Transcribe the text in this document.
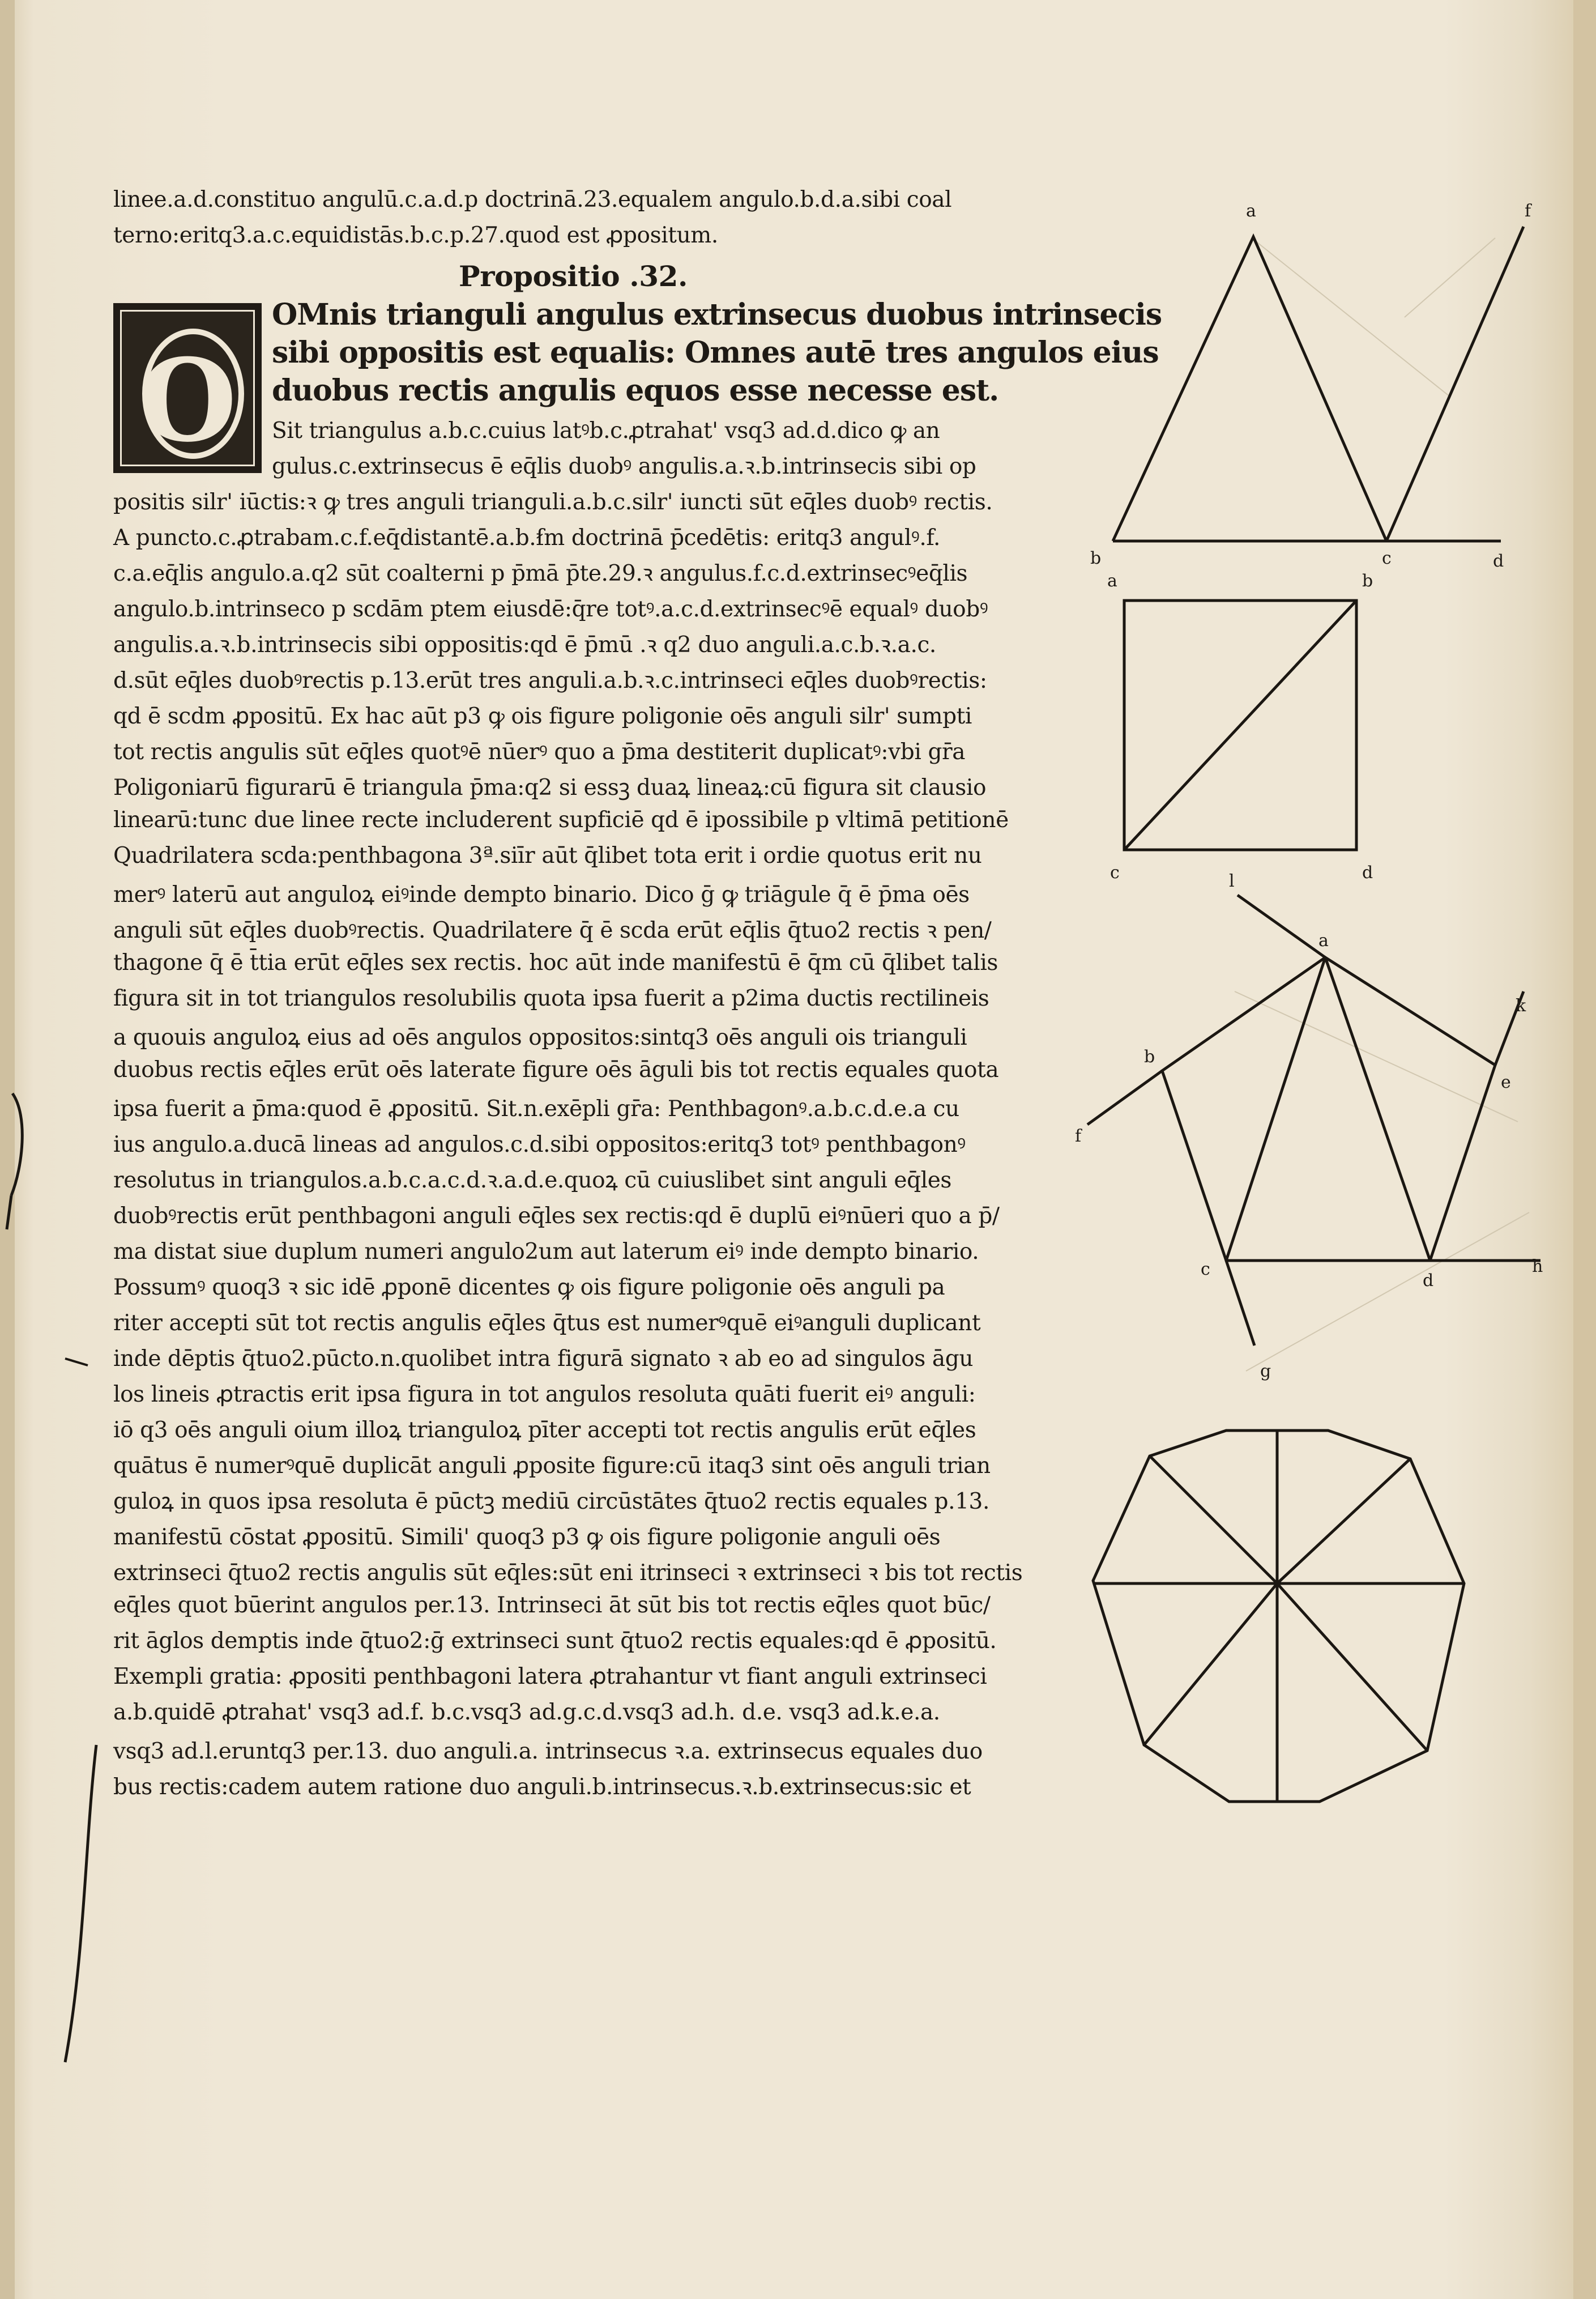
O
linee.a.d.constituo angulū.c.a.d.p doctrinā.23.equalem angulo.b.d.a.sibi coal
terno:eritq3.a.c.equidistās.b.c.p.27.quod est ꝓpositum.
Propositio .32.
OMnis trianguli angulus extrinsecus duobus intrinsecis
sibi oppositis est equalis: Omnes autē tres angulos eius
duobus rectis angulis equos esse necesse est.
Sit triangulus a.b.c.cuius latꝰb.c.ꝓtrahat' vsq3 ad.d.dico ꝙ an
gulus.c.extrinsecus ē eq̄lis duobꝰ angulis.a.ꝛ.b.intrinsecis sibi op
positis silr' iūctis:ꝛ ꝙ tres anguli trianguli.a.b.c.silr' iuncti sūt eq̄les duobꝰ rectis.
A puncto.c.ꝓtrabam.c.f.eq̄distantē.a.b.ẜm doctrinā p̄cedētis: eritq3 angulꝰ.f.
c.a.eq̄lis angulo.a.q2 sūt coalterni p p̄mā p̄te.29.ꝛ angulus.f.c.d.extrinsecꝰeq̄lis
angulo.b.intrinseco p scdām ptem eiusdē:q̄re totꝰ.a.c.d.extrinsecꝰē equalꝰ duobꝰ
angulis.a.ꝛ.b.intrinsecis sibi oppositis:qd ē p̄mū .ꝛ q2 duo anguli.a.c.b.ꝛ.a.c.
d.sūt eq̄les duobꝰrectis p.13.erūt tres anguli.a.b.ꝛ.c.intrinseci eq̄les duobꝰrectis:
qd ē scdm ꝓpositū. Ex hac aūt p3 ꝙ ois figure poligonie oēs anguli silr' sumpti
tot rectis angulis sūt eq̄les quotꝰē nūerꝰ quo a p̄ma destiterit duplicatꝰ:vbi gr̄a
Poligoniarū figurarū ē triangula p̄ma:q2 si essꝫ duaꝝ lineaꝝ:cū figura sit clausio
linearū:tunc due linee recte includerent supficiē qd ē ipossibile p vltimā petitionē
Quadrilatera scda:penthbagona 3ª.siīr aūt q̄libet tota erit i ordie quotus erit nu
merꝰ laterū aut anguloꝝ eiꝰinde dempto binario. Dico ḡ ꝙ triāgule q̄ ē p̄ma oēs
anguli sūt eq̄les duobꝰrectis. Quadrilatere q̄ ē scda erūt eq̄lis q̄tuo2 rectis ꝛ pen/
thagone q̄ ē t̄tia erūt eq̄les sex rectis. hoc aūt inde manifestū ē q̄m cū q̄libet talis
figura sit in tot triangulos resolubilis quota ipsa fuerit a p2ima ductis rectilineis
a quouis anguloꝝ eius ad oēs angulos oppositos:sintq3 oēs anguli ois trianguli
duobus rectis eq̄les erūt oēs laterate figure oēs āguli bis tot rectis equales quota
ipsa fuerit a p̄ma:quod ē ꝓpositū. Sit.n.exēpli gr̄a: Penthbagonꝰ.a.b.c.d.e.a cu
ius angulo.a.ducā lineas ad angulos.c.d.sibi oppositos:eritq3 totꝰ penthbagonꝰ
resolutus in triangulos.a.b.c.a.c.d.ꝛ.a.d.e.quoꝝ cū cuiuslibet sint anguli eq̄les
duobꝰrectis erūt penthbagoni anguli eq̄les sex rectis:qd ē duplū eiꝰnūeri quo a p̄/
ma distat siue duplum numeri angulo2um aut laterum eiꝰ inde dempto binario.
Possumꝰ quoq3 ꝛ sic idē ꝓponē dicentes ꝙ ois figure poligonie oēs anguli pa
riter accepti sūt tot rectis angulis eq̄les q̄tus est numerꝰquē eiꝰanguli duplicant
inde dēptis q̄tuo2.pūcto.n.quolibet intra figurā signato ꝛ ab eo ad singulos āgu
los lineis ꝓtractis erit ipsa figura in tot angulos resoluta quāti fuerit eiꝰ anguli:
iō q3 oēs anguli oium illoꝝ trianguloꝝ pīter accepti tot rectis angulis erūt eq̄les
quātus ē numerꝰquē duplicāt anguli ꝓposite figure:cū itaq3 sint oēs anguli trian
guloꝝ in quos ipsa resoluta ē pūctꝫ mediū circūstātes q̄tuo2 rectis equales p.13.
manifestū cōstat ꝓpositū. Simili' quoq3 p3 ꝙ ois figure poligonie anguli oēs
extrinseci q̄tuo2 rectis angulis sūt eq̄les:sūt eni itrinseci ꝛ extrinseci ꝛ bis tot rectis
eq̄les quot būerint angulos per.13. Intrinseci āt sūt bis tot rectis eq̄les quot būc/
rit āglos demptis inde q̄tuo2:ḡ extrinseci sunt q̄tuo2 rectis equales:qd ē ꝓpositū.
Exempli gratia: ꝓpositi penthbagoni latera ꝓtrahantur vt fiant anguli extrinseci
a.b.quidē ꝓtrahat' vsq3 ad.f. b.c.vsq3 ad.g.c.d.vsq3 ad.h. d.e. vsq3 ad.k.e.a.
vsq3 ad.l.eruntq3 per.13. duo anguli.a. intrinsecus ꝛ.a. extrinsecus equales duo
bus rectis:cadem autem ratione duo anguli.b.intrinsecus.ꝛ.b.extrinsecus:sic et
a	f
b	c	d
a	b
c	d
l
a
k
b
e
f
c
d
h
g
